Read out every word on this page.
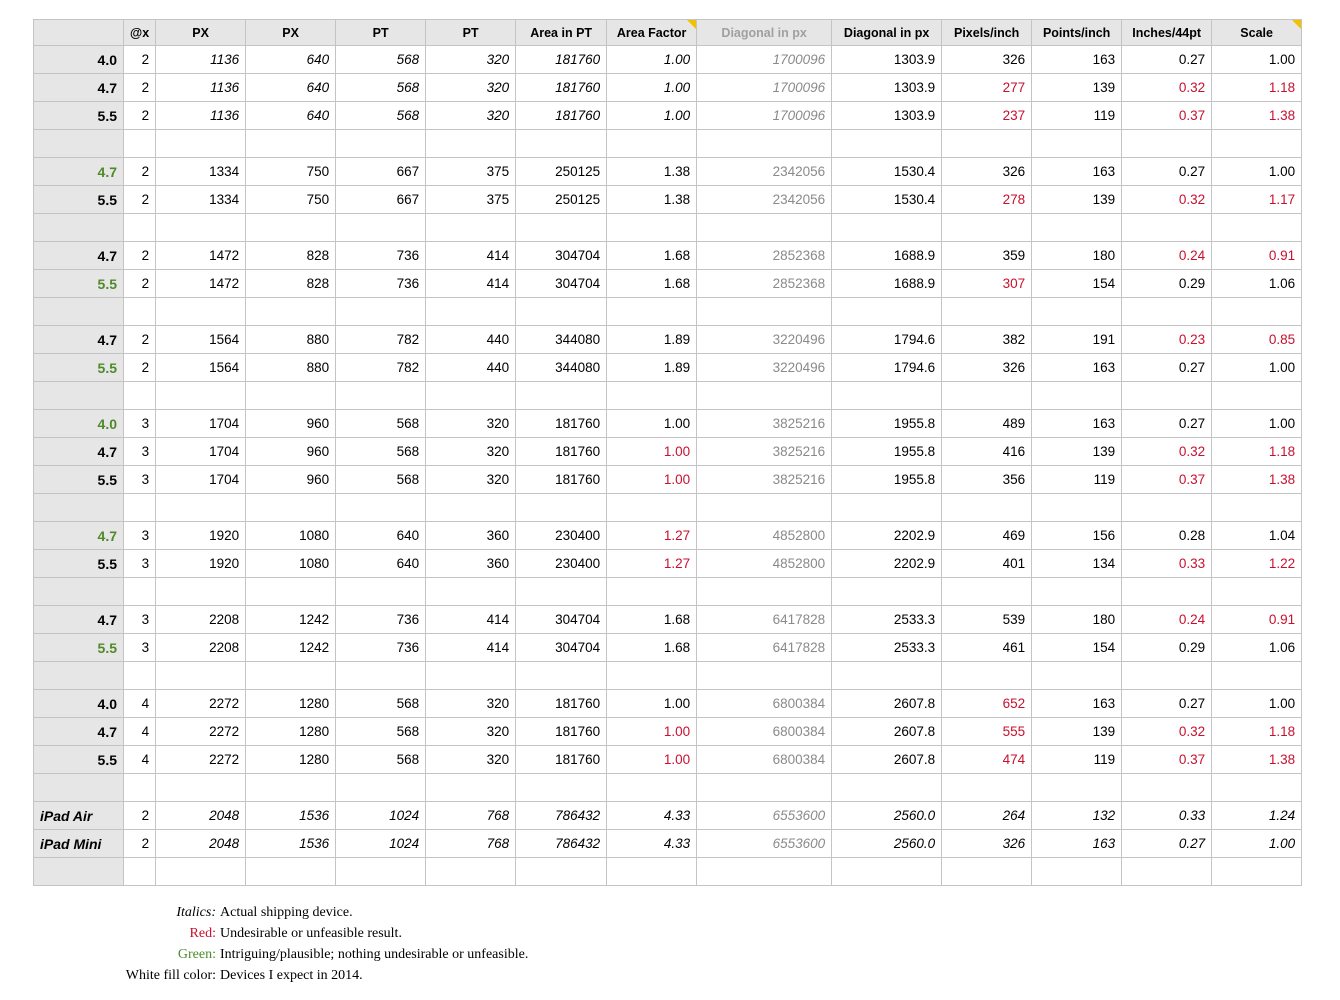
	@x	PX	PX	PT	PT	Area in PT	Area Factor	Diagonal in px	Diagonal in px	Pixels/inch	Points/inch	Inches/44pt	Scale
4.0	2	1136	640	568	320	181760	1.00	1700096	1303.9	326	163	0.27	1.00
4.7	2	1136	640	568	320	181760	1.00	1700096	1303.9	277	139	0.32	1.18
5.5	2	1136	640	568	320	181760	1.00	1700096	1303.9	237	119	0.37	1.38

4.7	2	1334	750	667	375	250125	1.38	2342056	1530.4	326	163	0.27	1.00
5.5	2	1334	750	667	375	250125	1.38	2342056	1530.4	278	139	0.32	1.17

4.7	2	1472	828	736	414	304704	1.68	2852368	1688.9	359	180	0.24	0.91
5.5	2	1472	828	736	414	304704	1.68	2852368	1688.9	307	154	0.29	1.06

4.7	2	1564	880	782	440	344080	1.89	3220496	1794.6	382	191	0.23	0.85
5.5	2	1564	880	782	440	344080	1.89	3220496	1794.6	326	163	0.27	1.00

4.0	3	1704	960	568	320	181760	1.00	3825216	1955.8	489	163	0.27	1.00
4.7	3	1704	960	568	320	181760	1.00	3825216	1955.8	416	139	0.32	1.18
5.5	3	1704	960	568	320	181760	1.00	3825216	1955.8	356	119	0.37	1.38

4.7	3	1920	1080	640	360	230400	1.27	4852800	2202.9	469	156	0.28	1.04
5.5	3	1920	1080	640	360	230400	1.27	4852800	2202.9	401	134	0.33	1.22

4.7	3	2208	1242	736	414	304704	1.68	6417828	2533.3	539	180	0.24	0.91
5.5	3	2208	1242	736	414	304704	1.68	6417828	2533.3	461	154	0.29	1.06

4.0	4	2272	1280	568	320	181760	1.00	6800384	2607.8	652	163	0.27	1.00
4.7	4	2272	1280	568	320	181760	1.00	6800384	2607.8	555	139	0.32	1.18
5.5	4	2272	1280	568	320	181760	1.00	6800384	2607.8	474	119	0.37	1.38

iPad Air	2	2048	1536	1024	768	786432	4.33	6553600	2560.0	264	132	0.33	1.24
iPad Mini	2	2048	1536	1024	768	786432	4.33	6553600	2560.0	326	163	0.27	1.00

Italics: Actual shipping device.
Red: Undesirable or unfeasible result.
Green: Intriguing/plausible; nothing undesirable or unfeasible.
White fill color: Devices I expect in 2014.
